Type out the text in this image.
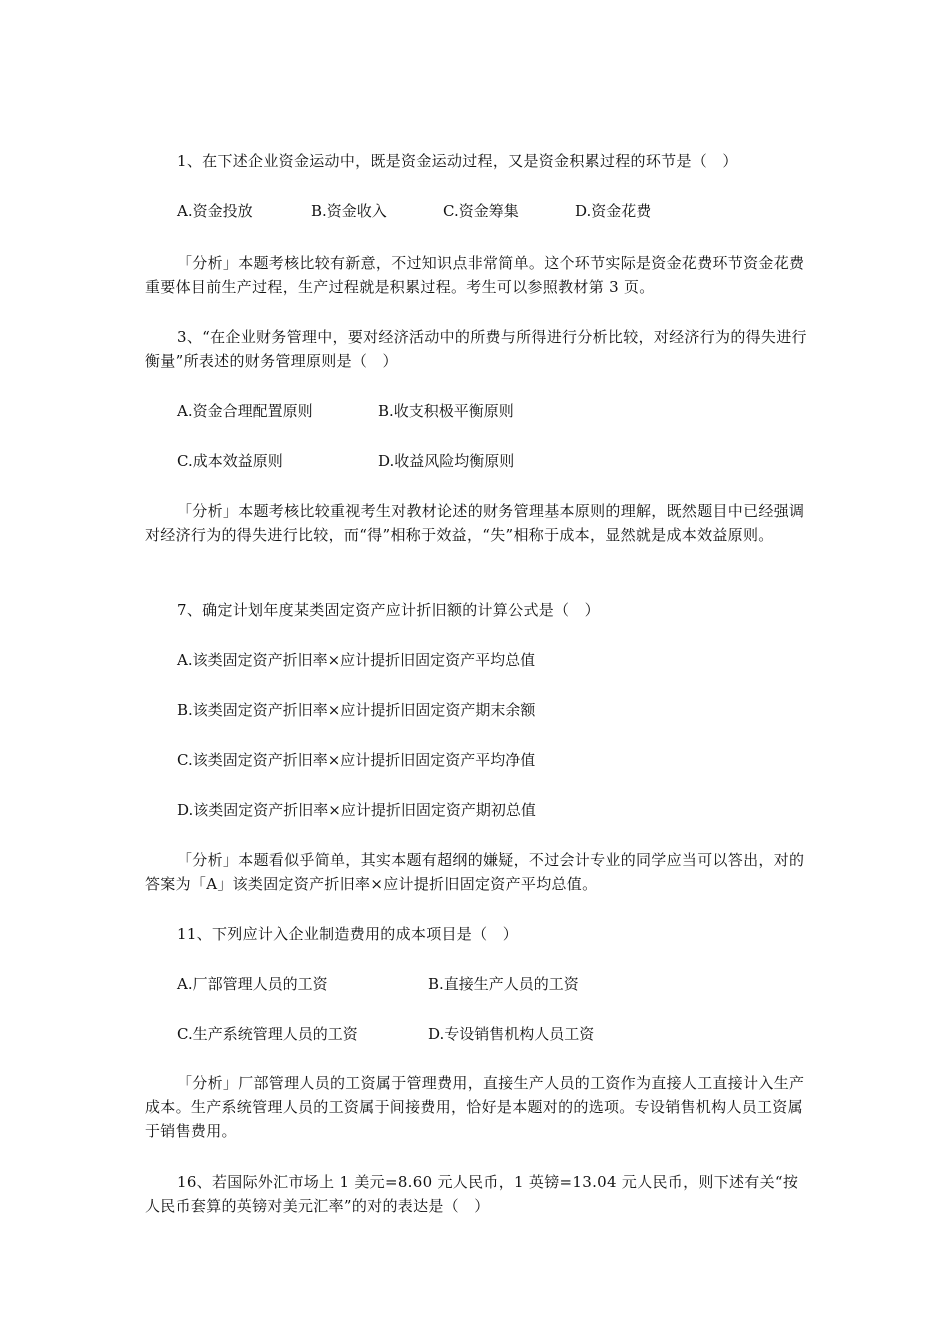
1、在下述企业资金运动中，既是资金运动过程，又是资金积累过程的环节是（　）
A.资金投放	B.资金收入	C.资金筹集	D.资金花费
「分析」本题考核比较有新意，不过知识点非常简单。这个环节实际是资金花费环节资金花费重要体目前生产过程，生产过程就是积累过程。考生可以参照教材第 3 页。
3、“在企业财务管理中，要对经济活动中的所费与所得进行分析比较，对经济行为的得失进行衡量”所表述的财务管理原则是（　）
A.资金合理配置原则	B.收支积极平衡原则
C.成本效益原则	D.收益风险均衡原则
「分析」本题考核比较重视考生对教材论述的财务管理基本原则的理解，既然题目中已经强调对经济行为的得失进行比较，而“得”相称于效益，“失”相称于成本，显然就是成本效益原则。
7、确定计划年度某类固定资产应计折旧额的计算公式是（　）
A.该类固定资产折旧率×应计提折旧固定资产平均总值
B.该类固定资产折旧率×应计提折旧固定资产期末余额
C.该类固定资产折旧率×应计提折旧固定资产平均净值
D.该类固定资产折旧率×应计提折旧固定资产期初总值
「分析」本题看似乎简单，其实本题有超纲的嫌疑，不过会计专业的同学应当可以答出，对的答案为「A」该类固定资产折旧率×应计提折旧固定资产平均总值。
11、下列应计入企业制造费用的成本项目是（　）
A.厂部管理人员的工资	B.直接生产人员的工资
C.生产系统管理人员的工资	D.专设销售机构人员工资
「分析」厂部管理人员的工资属于管理费用，直接生产人员的工资作为直接人工直接计入生产成本。生产系统管理人员的工资属于间接费用，恰好是本题对的的选项。专设销售机构人员工资属于销售费用。
16、若国际外汇市场上 1 美元=8.60 元人民币，1 英镑=13.04 元人民币，则下述有关“按人民币套算的英镑对美元汇率”的对的表达是（　）
